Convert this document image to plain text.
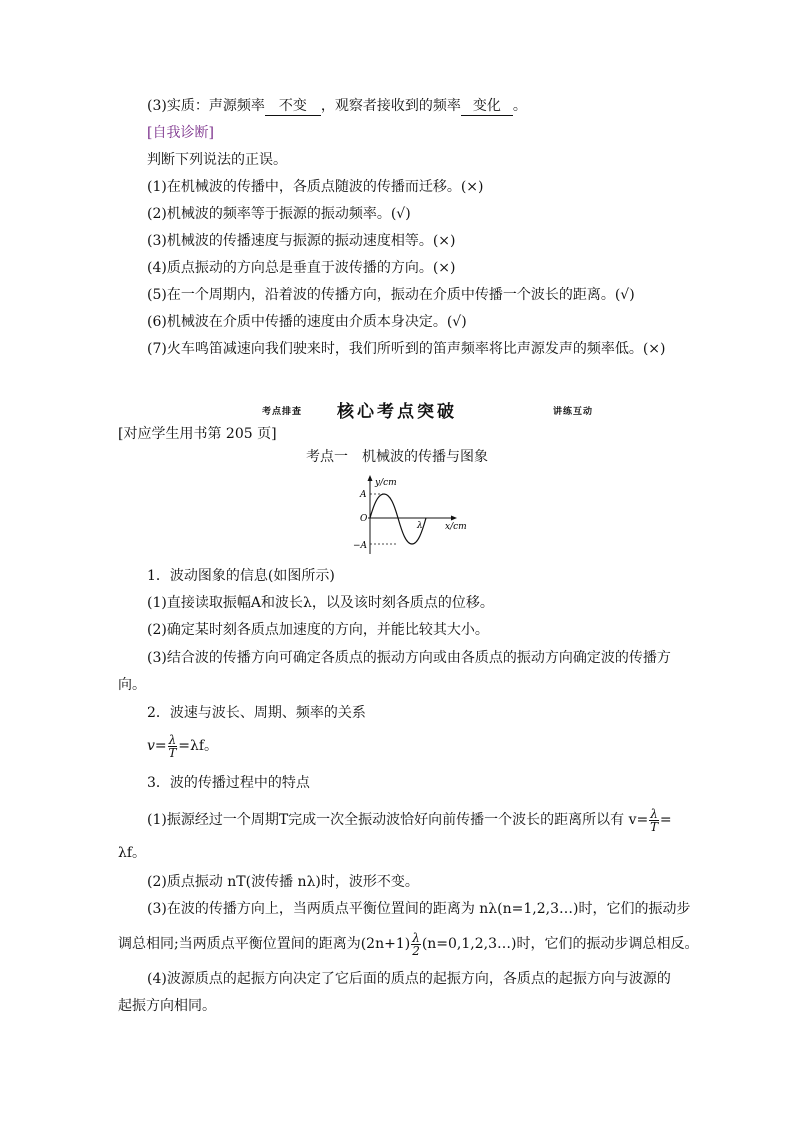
(3)实质：声源频率 不变 ，观察者接收到的频率 变化 。
[自我诊断]
判断下列说法的正误。
(1)在机械波的传播中，各质点随波的传播而迁移。(×)
(2)机械波的频率等于振源的振动频率。(√)
(3)机械波的传播速度与振源的振动速度相等。(×)
(4)质点振动的方向总是垂直于波传播的方向。(×)
(5)在一个周期内，沿着波的传播方向，振动在介质中传播一个波长的距离。(√)
(6)机械波在介质中传播的速度由介质本身决定。(√)
(7)火车鸣笛减速向我们驶来时，我们所听到的笛声频率将比声源发声的频率低。(×)
考点排查	核心考点突破	讲练互动
[对应学生用书第 205 页]
考点一　机械波的传播与图象
y/cm
x/cm
A
−A
O
λ
1．波动图象的信息(如图所示)
(1)直接读取振幅A和波长λ，以及该时刻各质点的位移。
(2)确定某时刻各质点加速度的方向，并能比较其大小。
(3)结合波的传播方向可确定各质点的振动方向或由各质点的振动方向确定波的传播方
向。
2．波速与波长、周期、频率的关系
$v= \frac{\lambda}{T} =\lambda f$。
3．波的传播过程中的特点
(1)振源经过一个周期T完成一次全振动波恰好向前传播一个波长的距离所以有 $v= \frac{\lambda}{T}$ =
λf。
(2)质点振动 nT(波传播 nλ)时，波形不变。
(3)在波的传播方向上，当两质点平衡位置间的距离为 nλ(n=1,2,3…)时，它们的振动步
调总相同;当两质点平衡位置间的距离为$(2n+1) \frac{\lambda}{2}$ (n=0,1,2,3…)时，它们的振动步调总相反。
(4)波源质点的起振方向决定了它后面的质点的起振方向，各质点的起振方向与波源的
起振方向相同。
